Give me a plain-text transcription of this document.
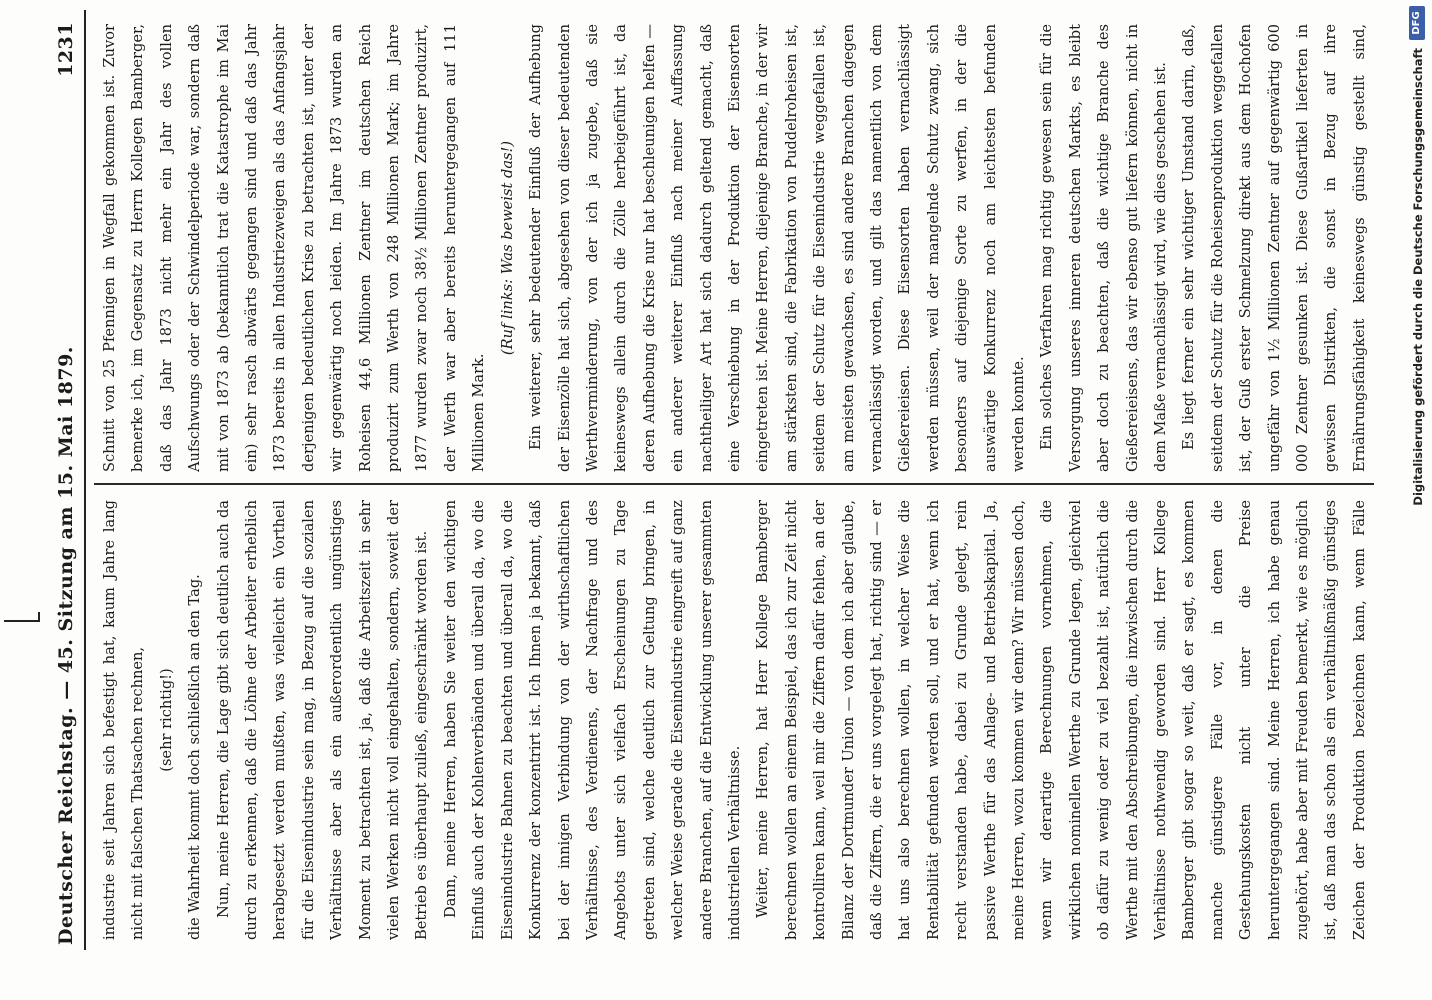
Deutscher Reichstag. — 45. Sitzung am 15. Mai 1879.
1231

industrie seit Jahren sich befestigt hat, kaum Jahre lang nicht mit falschen Thatsachen rechnen, (sehr richtig!) die Wahrheit kommt doch schließlich an den Tag. Nun, meine Herren, die Lage gibt sich deutlich auch da durch zu erkennen, daß die Löhne der Arbeiter erheblich herabgesetzt werden mußten, was vielleicht ein Vortheil für die Eisenindustrie sein mag, in Bezug auf die sozialen Verhältnisse aber als ein außerordentlich ungünstiges Moment zu betrachten ist, ja, daß die Arbeitszeit in sehr vielen Werken nicht voll eingehalten, sondern, soweit der Betrieb es überhaupt zuließ, eingeschränkt worden ist. Dann, meine Herren, haben Sie weiter den wichtigen Einfluß auch der Kohlenverbänden und überall da, wo die Eisenindustrie Bahnen zu beachten und überall da, wo die Konkurrenz der konzentrirt ist. Ich Ihnen ja bekannt, daß bei der innigen Verbindung von der wirthschaftlichen Verhältnisse, des Verdienens, der Nachfrage und des Angebots unter sich vielfach Erscheinungen zu Tage getreten sind, welche deutlich zur Geltung bringen, in welcher Weise gerade die Eisenindustrie eingreift auf ganz andere Branchen, auf die Entwicklung unserer gesammten industriellen Verhältnisse. Weiter, meine Herren, hat Herr Kollege Bamberger berechnen wollen an einem Beispiel, das ich zur Zeit nicht kontrolliren kann, weil mir die Ziffern dafür fehlen, an der Bilanz der Dortmunder Union — von dem ich aber glaube, daß die Ziffern, die er uns vorgelegt hat, richtig sind — er hat uns also berechnen wollen, in welcher Weise die Rentabilität gefunden werden soll, und er hat, wenn ich recht verstanden habe, dabei zu Grunde gelegt, rein passive Werthe für das Anlage- und Betriebskapital. Ja, meine Herren, wozu kommen wir denn? Wir müssen doch, wenn wir derartige Berechnungen vornehmen, die wirklichen nominellen Werthe zu Grunde legen, gleichviel ob dafür zu wenig oder zu viel bezahlt ist, natürlich die Werthe mit den Abschreibungen, die inzwischen durch die Verhältnisse nothwendig geworden sind. Herr Kollege Bamberger gibt sogar so weit, daß er sagt, es kommen manche günstigere Fälle vor, in denen die Gestehungskosten nicht unter die Preise heruntergegangen sind. Meine Herren, ich habe genau zugehört, habe aber mit Freuden bemerkt, wie es möglich ist, daß man das schon als ein verhältnißmäßig günstiges Zeichen der Produktion bezeichnen kann, wenn Fälle

Schnitt von 25 Pfennigen in Wegfall gekommen ist. Zuvor bemerke ich, im Gegensatz zu Herrn Kollegen Bamberger, daß das Jahr 1873 nicht mehr ein Jahr des vollen Aufschwungs oder der Schwindelperiode war, sondern daß mit von 1873 ab (bekanntlich trat die Katastrophe im Mai ein) sehr rasch abwärts gegangen sind und daß das Jahr 1873 bereits in allen Industriezweigen als das Anfangsjahr derjenigen bedeutlichen Krise zu betrachten ist, unter der wir gegenwärtig noch leiden. Im Jahre 1873 wurden an Roheisen 44,6 Millionen Zentner im deutschen Reich produzirt zum Werth von 248 Millionen Mark; im Jahre 1877 wurden zwar noch 38½ Millionen Zentner produzirt, der Werth war aber bereits heruntergegangen auf 111 Millionen Mark.

(Ruf links: Was beweist das!) Ein weiterer, sehr bedeutender Einfluß der Aufhebung der Eisenzölle hat sich, abgesehen von dieser bedeutenden Werthverminderung, von der ich ja zugebe, daß sie keineswegs allein durch die Zölle herbeigeführt ist, da deren Aufhebung die Krise nur hat beschleunigen helfen — ein anderer weiterer Einfluß nach meiner Auffassung nachtheiliger Art hat sich dadurch geltend gemacht, daß eine Verschiebung in der Produktion der Eisensorten eingetreten ist. Meine Herren, diejenige Branche, in der wir am stärksten sind, die Fabrikation von Puddelroheisen ist, seitdem der Schutz für die Eisenindustrie weggefallen ist, am meisten gewachsen, es sind andere Branchen dagegen vernachlässigt worden, und gilt das namentlich von dem Gießereieisen. Diese Eisensorten haben vernachlässigt werden müssen, weil der mangelnde Schutz zwang, sich besonders auf diejenige Sorte zu werfen, in der die auswärtige Konkurrenz noch am leichtesten befunden werden konnte. Ein solches Verfahren mag richtig gewesen sein für die Versorgung unseres inneren deutschen Markts, es bleibt aber doch zu beachten, daß die wichtige Branche des Gießereieisens, das wir ebenso gut liefern können, nicht in dem Maße vernachlässigt wird, wie dies geschehen ist. Es liegt ferner ein sehr wichtiger Umstand darin, daß, seitdem der Schutz für die Roheisenproduktion weggefallen ist, der Guß erster Schmelzung direkt aus dem Hochofen ungefähr von 1½ Millionen Zentner auf gegenwärtig 600 000 Zentner gesunken ist. Diese Gußartikel lieferten in gewissen Distrikten, die sonst in Bezug auf ihre Ernährungsfähigkeit keineswegs günstig gestellt sind,

Digitalisierung gefördert durch die Deutsche Forschungsgemeinschaft
DFG
